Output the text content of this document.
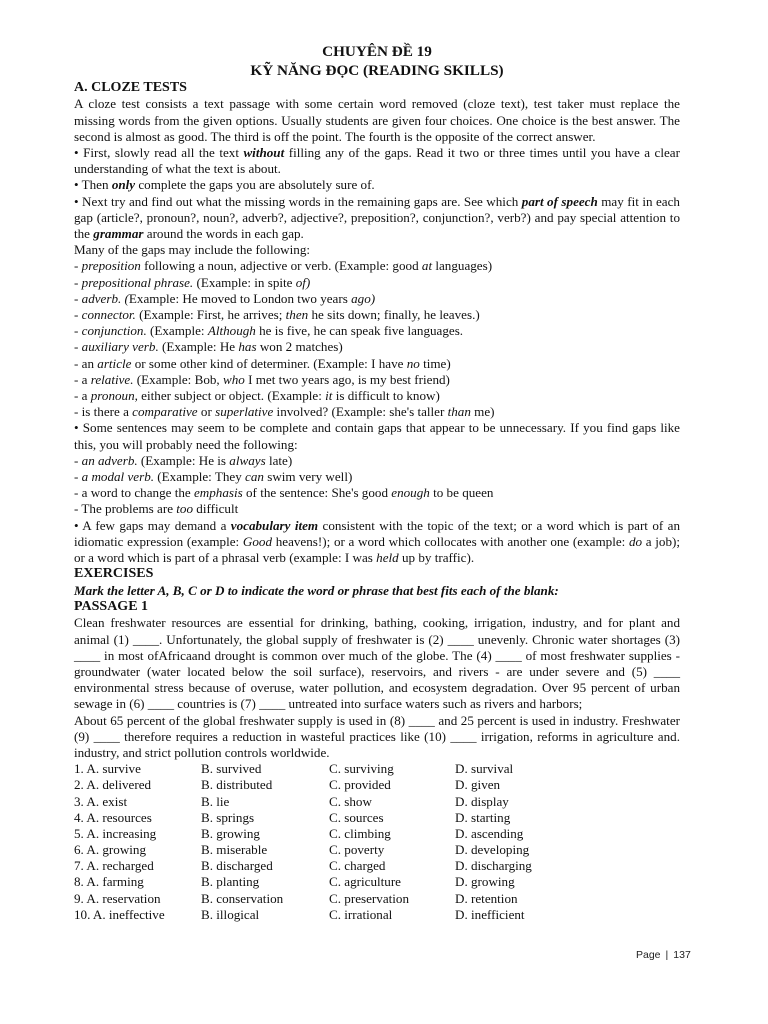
CHUYÊN ĐỀ 19
KỸ NĂNG ĐỌC (READING SKILLS)
A. CLOZE TESTS
A cloze test consists a text passage with some certain word removed (cloze text), test taker must replace the missing words from the given options. Usually students are given four choices. One choice is the best answer. The second is almost as good. The third is off the point. The fourth is the opposite of the correct answer.
• First, slowly read all the text without filling any of the gaps. Read it two or three times until you have a clear understanding of what the text is about.
• Then only complete the gaps you are absolutely sure of.
• Next try and find out what the missing words in the remaining gaps are. See which part of speech may fit in each gap (article?, pronoun?, noun?, adverb?, adjective?, preposition?, conjunction?, verb?) and pay special attention to the grammar around the words in each gap.
Many of the gaps may include the following:
- preposition following a noun, adjective or verb. (Example: good at languages)
- prepositional phrase. (Example: in spite of)
- adverb. (Example: He moved to London two years ago)
- connector. (Example: First, he arrives; then he sits down; finally, he leaves.)
- conjunction. (Example: Although he is five, he can speak five languages.
- auxiliary verb. (Example: He has won 2 matches)
- an article or some other kind of determiner. (Example: I have no time)
- a relative. (Example: Bob, who I met two years ago, is my best friend)
- a pronoun, either subject or object. (Example: it is difficult to know)
- is there a comparative or superlative involved? (Example: she's taller than me)
• Some sentences may seem to be complete and contain gaps that appear to be unnecessary. If you find gaps like this, you will probably need the following:
- an adverb. (Example: He is always late)
- a modal verb. (Example: They can swim very well)
- a word to change the emphasis of the sentence: She's good enough to be queen
- The problems are too difficult
• A few gaps may demand a vocabulary item consistent with the topic of the text; or a word which is part of an idiomatic expression (example: Good heavens!); or a word which collocates with another one (example: do a job); or a word which is part of a phrasal verb (example: I was held up by traffic).
EXERCISES
Mark the letter A, B, C or D to indicate the word or phrase that best fits each of the blank:
PASSAGE 1
Clean freshwater resources are essential for drinking, bathing, cooking, irrigation, industry, and for plant and animal (1) ____. Unfortunately, the global supply of freshwater is (2) ____ unevenly. Chronic water shortages (3) ____ in most ofAfricaand drought is common over much of the globe. The (4) ____ of most freshwater supplies - groundwater (water located below the soil surface), reservoirs, and rivers - are under severe and (5) ____ environmental stress because of overuse, water pollution, and ecosystem degradation. Over 95 percent of urban sewage in (6) ____ countries is (7) ____ untreated into surface waters such as rivers and harbors;
About 65 percent of the global freshwater supply is used in (8) ____ and 25 percent is used in industry. Freshwater (9) ____ therefore requires a reduction in wasteful practices like (10) ____ irrigation, reforms in agriculture and. industry, and strict pollution controls worldwide.
1. A. survive	B. survived	C. surviving	D. survival
2. A. delivered	B. distributed	C. provided	D. given
3. A. exist	B. lie	C. show	D. display
4. A. resources	B. springs	C. sources	D. starting
5. A. increasing	B. growing	C. climbing	D. ascending
6. A. growing	B. miserable	C. poverty	D. developing
7. A. recharged	B. discharged	C. charged	D. discharging
8. A. farming	B. planting	C. agriculture	D. growing
9. A. reservation	B. conservation	C. preservation	D. retention
10. A. ineffective	B. illogical	C. irrational	D. inefficient
Page | 137
